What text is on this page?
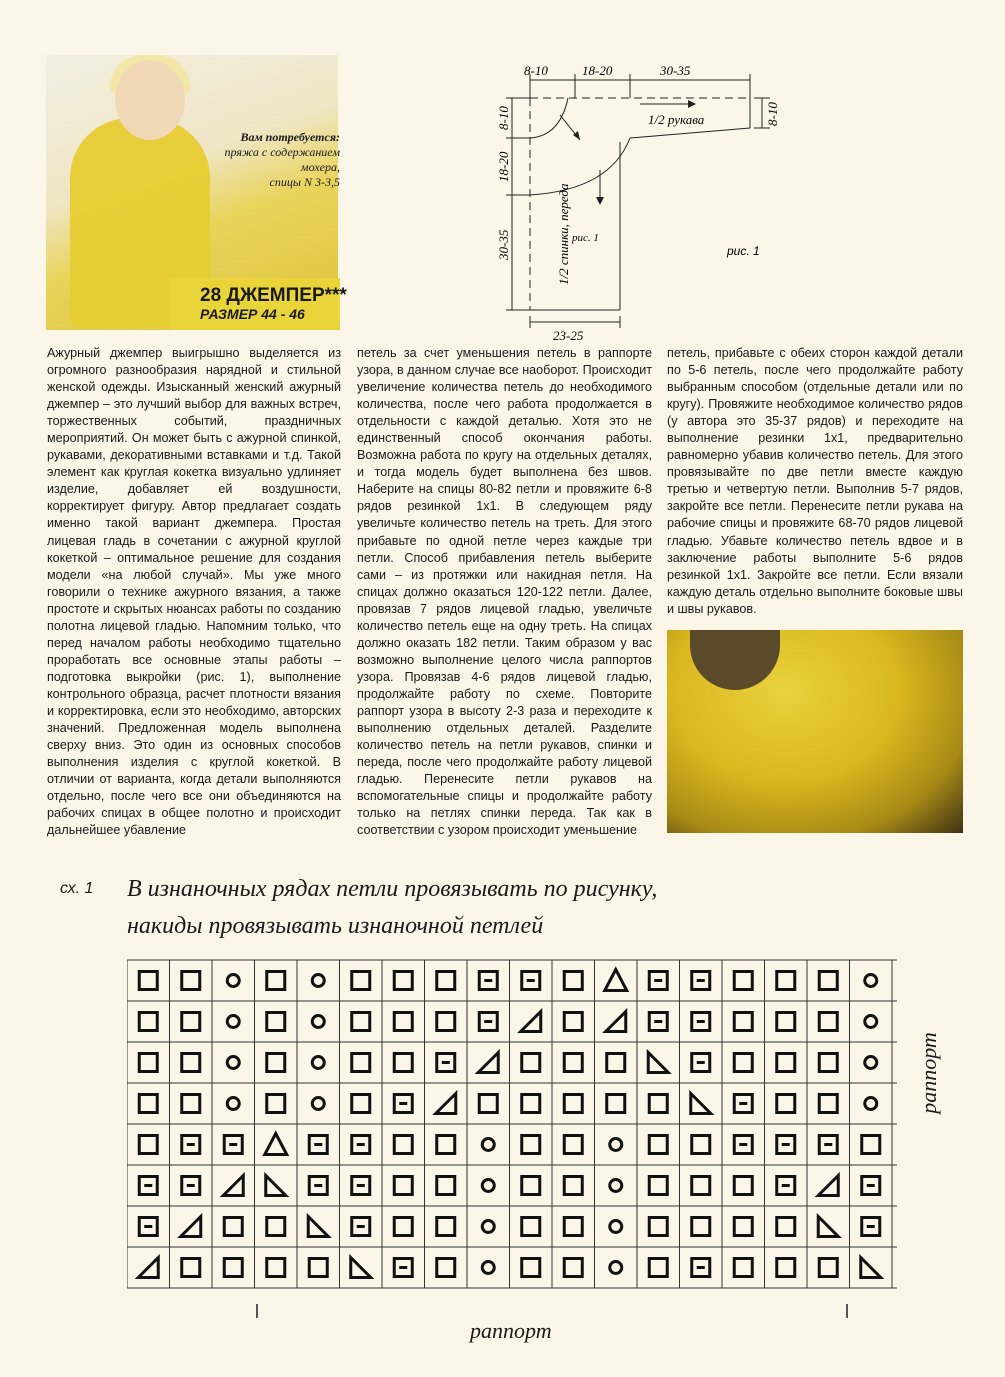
Вам потребуется:
пряжа с содержанием
мохера,
спицы N 3-3,5
28 ДЖЕМПЕР***
РАЗМЕР 44 - 46
8-10	18-20	30-35
8-10
18-20
30-35
8-10
23-25
1/2 рукава
1/2 спинки, переда рис. 1
рис. 1
Ажурный джемпер выигрышно выделяется из огромного разнообразия нарядной и стильной женской одежды. Изысканный женский ажурный джемпер – это лучший выбор для важных встреч, торжественных событий, праздничных мероприятий. Он может быть с ажурной спинкой, рукавами, декоративными вставками и т.д. Такой элемент как круглая кокетка визуально удлиняет изделие, добавляет ей воздушности, корректирует фигуру. Автор предлагает создать именно такой вариант джемпера. Простая лицевая гладь в сочетании с ажурной круглой кокеткой – оптимальное решение для создания модели «на любой случай». Мы уже много говорили о технике ажурного вязания, а также простоте и скрытых нюансах работы по созданию полотна лицевой гладью. Напомним только, что перед началом работы необходимо тщательно проработать все основные этапы работы – подготовка выкройки (рис. 1), выполнение контрольного образца, расчет плотности вязания и корректировка, если это необходимо, авторских значений. Предложенная модель выполнена сверху вниз. Это один из основных способов выполнения изделия с круглой кокеткой. В отличии от варианта, когда детали выполняются отдельно, после чего все они объединяются на рабочих спицах в общее полотно и происходит дальнейшее убавление
петель за счет уменьшения петель в раппорте узора, в данном случае все наоборот. Происходит увеличение количества петель до необходимого количества, после чего работа продолжается в отдельности с каждой деталью. Хотя это не единственный способ окончания работы. Возможна работа по кругу на отдельных деталях, и тогда модель будет выполнена без швов. Наберите на спицы 80-82 петли и провяжите 6-8 рядов резинкой 1х1. В следующем ряду увеличьте количество петель на треть. Для этого прибавьте по одной петле через каждые три петли. Способ прибавления петель выберите сами – из протяжки или накидная петля. На спицах должно оказаться 120-122 петли. Далее, провязав 7 рядов лицевой гладью, увеличьте количество петель еще на одну треть. На спицах должно оказать 182 петли. Таким образом у вас возможно выполнение целого числа раппортов узора. Провязав 4-6 рядов лицевой гладью, продолжайте работу по схеме. Повторите раппорт узора в высоту 2-3 раза и переходите к выполнению отдельных деталей. Разделите количество петель на петли рукавов, спинки и переда, после чего продолжайте работу лицевой гладью. Перенесите петли рукавов на вспомогательные спицы и продолжайте работу только на петлях спинки переда. Так как в соответствии с узором происходит уменьшение
петель, прибавьте с обеих сторон каждой детали по 5-6 петель, после чего продолжайте работу выбранным способом (отдельные детали или по кругу). Провяжите необходимое количество рядов (у автора это 35-37 рядов) и переходите на выполнение резинки 1х1, предварительно равномерно убавив количество петель. Для этого провязывайте по две петли вместе каждую третью и четвертую петли. Выполнив 5-7 рядов, закройте все петли. Перенесите петли рукава на рабочие спицы и провяжите 68-70 рядов лицевой гладью. Убавьте количество петель вдвое и в заключение работы выполните 5-6 рядов резинкой 1х1. Закройте все петли. Если вязали каждую деталь отдельно выполните боковые швы и швы рукавов.
сх. 1 В изнаночных рядах петли провязывать по рисунку,
накиды провязывать изнаночной петлей
раппорт
раппорт
